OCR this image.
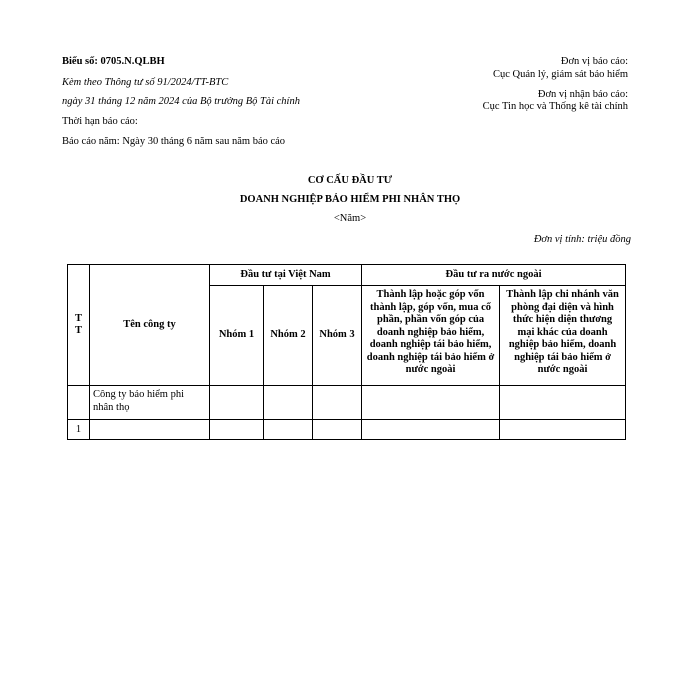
Biểu số: 0705.N.QLBH
Kèm theo Thông tư số 91/2024/TT-BTC
ngày 31 tháng 12 năm 2024 của Bộ trưởng Bộ Tài chính
Thời hạn báo cáo:
Báo cáo năm: Ngày 30 tháng 6 năm sau năm báo cáo
Đơn vị báo cáo:
Cục Quản lý, giám sát bảo hiểm
Đơn vị nhận báo cáo:
Cục Tin học và Thống kê tài chính
CƠ CẤU ĐẦU TƯ
DOANH NGHIỆP BẢO HIỂM PHI NHÂN THỌ
<Năm>
Đơn vị tính: triệu đồng
T
T	Tên công ty	Đầu tư tại Việt Nam			Đầu tư ra nước ngoài	
		Nhóm 1	Nhóm 2	Nhóm 3	Thành lập hoặc góp vốn thành lập, góp vốn, mua cổ phần, phần vốn góp của doanh nghiệp bảo hiểm, doanh nghiệp tái bảo hiểm, doanh nghiệp tái bảo hiểm ở nước ngoài	Thành lập chi nhánh văn phòng đại diện và hình thức hiện diện thương mại khác của doanh nghiệp bảo hiểm, doanh nghiệp tái bảo hiểm ở nước ngoài
	Công ty bảo hiểm phi nhân thọ					
1						
